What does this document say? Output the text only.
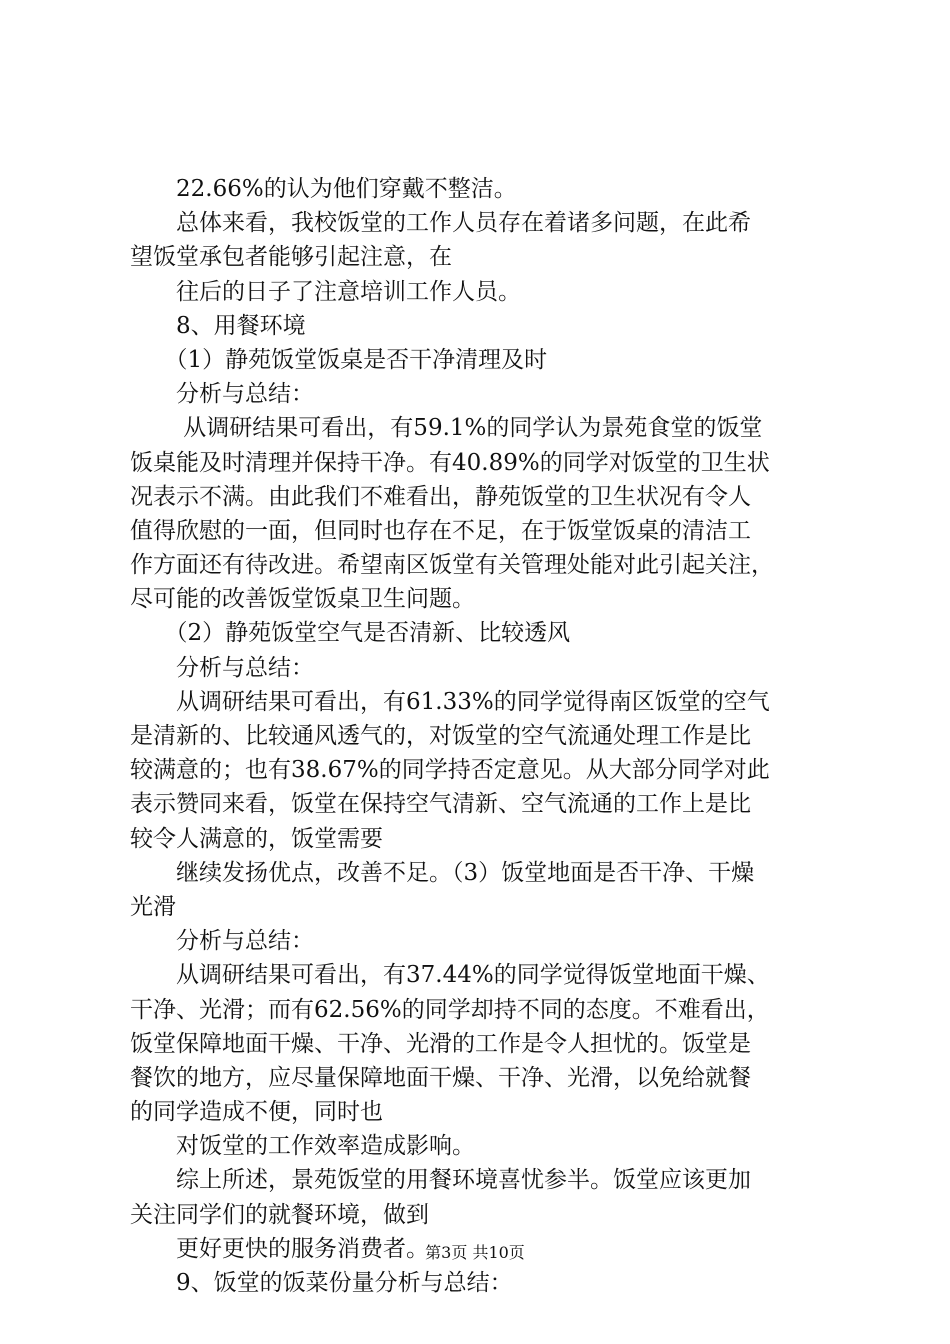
　　22.66%的认为他们穿戴不整洁。
　　总体来看，我校饭堂的工作人员存在着诸多问题，在此希
望饭堂承包者能够引起注意，在
　　往后的日子了注意培训工作人员。
　　8、用餐环境
　　（1）静苑饭堂饭桌是否干净清理及时
　　分析与总结：
　　 从调研结果可看出，有59.1%的同学认为景苑食堂的饭堂
饭桌能及时清理并保持干净。有40.89%的同学对饭堂的卫生状
况表示不满。由此我们不难看出，静苑饭堂的卫生状况有令人
值得欣慰的一面，但同时也存在不足，在于饭堂饭桌的清洁工
作方面还有待改进。希望南区饭堂有关管理处能对此引起关注，
尽可能的改善饭堂饭桌卫生问题。
　　（2）静苑饭堂空气是否清新、比较透风
　　分析与总结：
　　从调研结果可看出，有61.33%的同学觉得南区饭堂的空气
是清新的、比较通风透气的，对饭堂的空气流通处理工作是比
较满意的；也有38.67%的同学持否定意见。从大部分同学对此
表示赞同来看，饭堂在保持空气清新、空气流通的工作上是比
较令人满意的，饭堂需要
　　继续发扬优点，改善不足。（3）饭堂地面是否干净、干燥
光滑
　　分析与总结：
　　从调研结果可看出，有37.44%的同学觉得饭堂地面干燥、
干净、光滑；而有62.56%的同学却持不同的态度。不难看出，
饭堂保障地面干燥、干净、光滑的工作是令人担忧的。饭堂是
餐饮的地方，应尽量保障地面干燥、干净、光滑，以免给就餐
的同学造成不便，同时也
　　对饭堂的工作效率造成影响。
　　综上所述，景苑饭堂的用餐环境喜忧参半。饭堂应该更加
关注同学们的就餐环境，做到
　　更好更快的服务消费者。
　　9、饭堂的饭菜份量分析与总结：
第3页 共10页
